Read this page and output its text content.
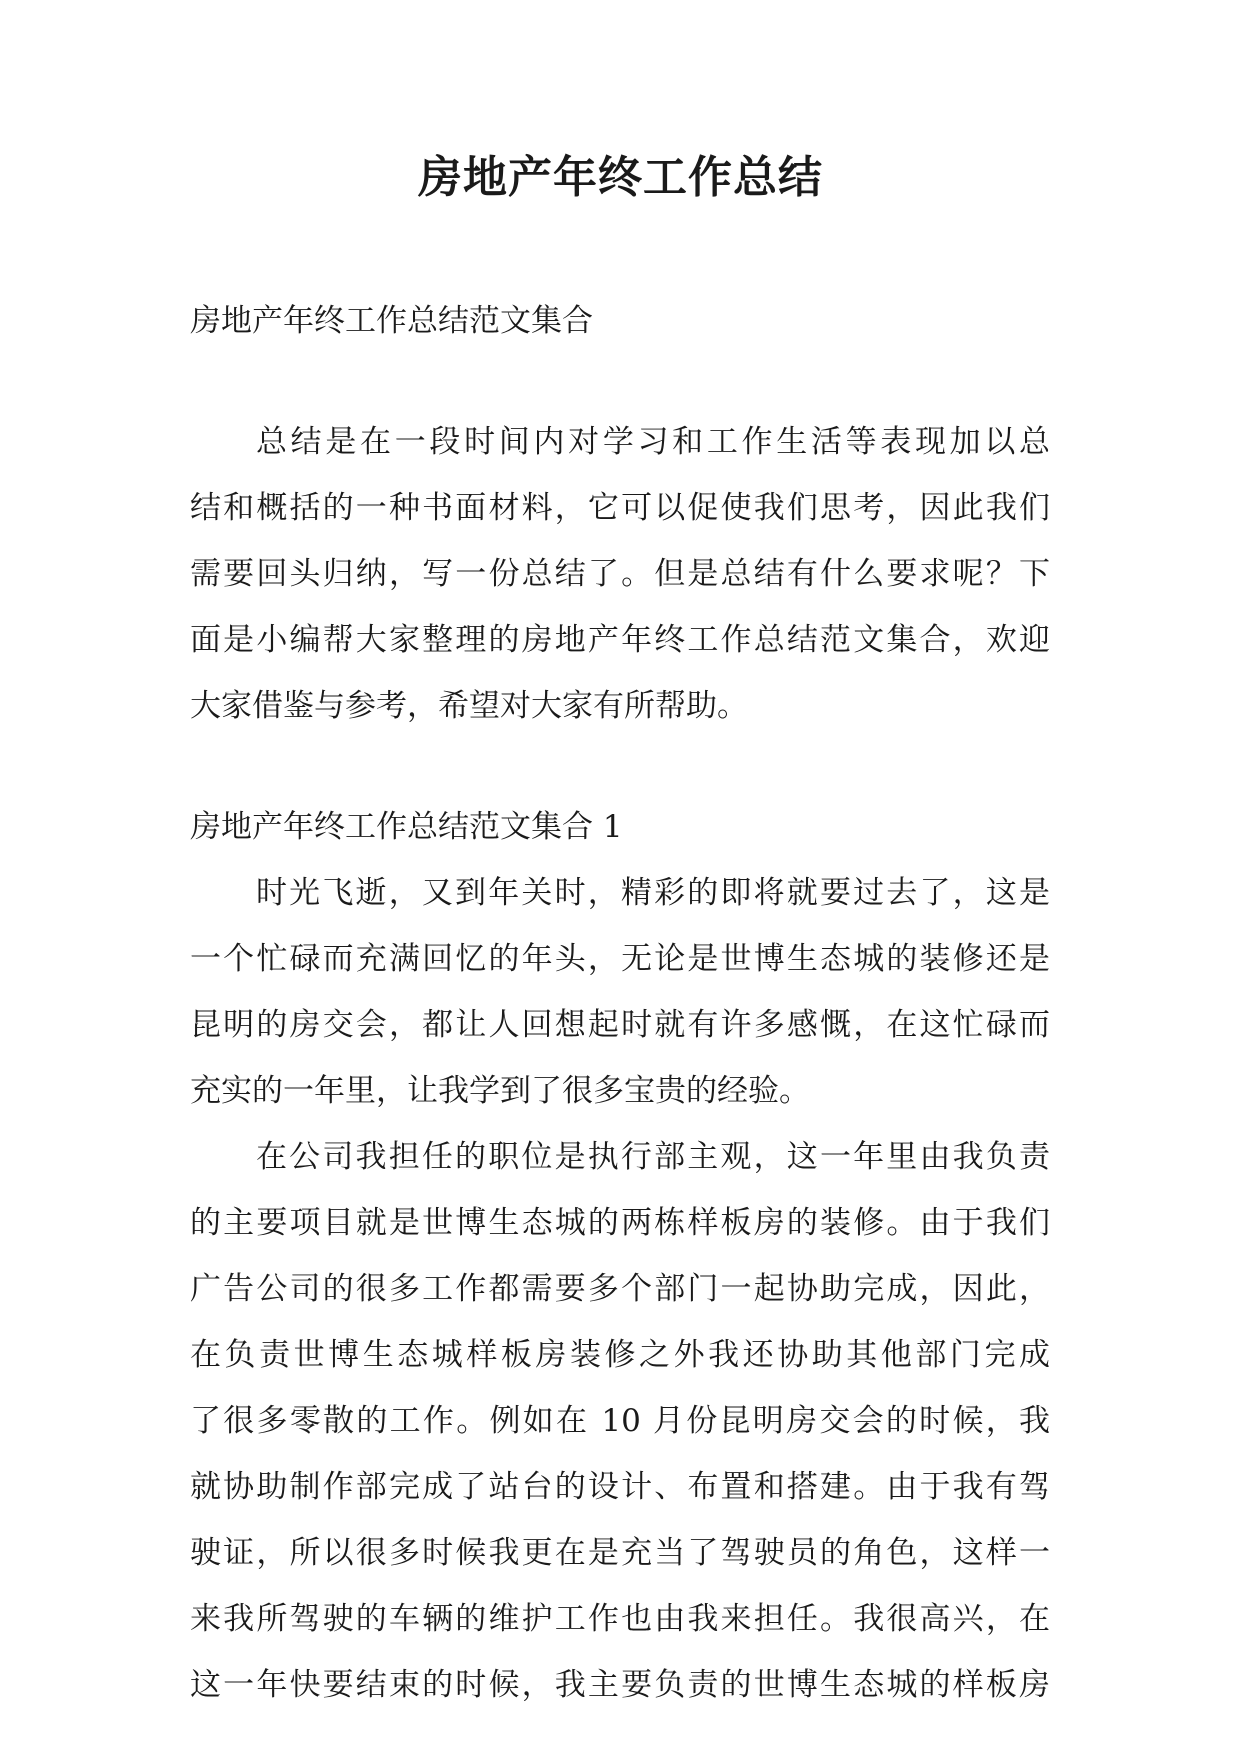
房地产年终工作总结
房地产年终工作总结范文集合
总结是在一段时间内对学习和工作生活等表现加以总
结和概括的一种书面材料，它可以促使我们思考，因此我们
需要回头归纳，写一份总结了。但是总结有什么要求呢？下
面是小编帮大家整理的房地产年终工作总结范文集合，欢迎
大家借鉴与参考，希望对大家有所帮助。
房地产年终工作总结范文集合 1
时光飞逝，又到年关时，精彩的即将就要过去了，这是
一个忙碌而充满回忆的年头，无论是世博生态城的装修还是
昆明的房交会，都让人回想起时就有许多感慨，在这忙碌而
充实的一年里，让我学到了很多宝贵的经验。
在公司我担任的职位是执行部主观，这一年里由我负责
的主要项目就是世博生态城的两栋样板房的装修。由于我们
广告公司的很多工作都需要多个部门一起协助完成，因此，
在负责世博生态城样板房装修之外我还协助其他部门完成
了很多零散的工作。例如在 10 月份昆明房交会的时候，我
就协助制作部完成了站台的设计、布置和搭建。由于我有驾
驶证，所以很多时候我更在是充当了驾驶员的角色，这样一
来我所驾驶的车辆的维护工作也由我来担任。我很高兴，在
这一年快要结束的时候，我主要负责的世博生态城的样板房
